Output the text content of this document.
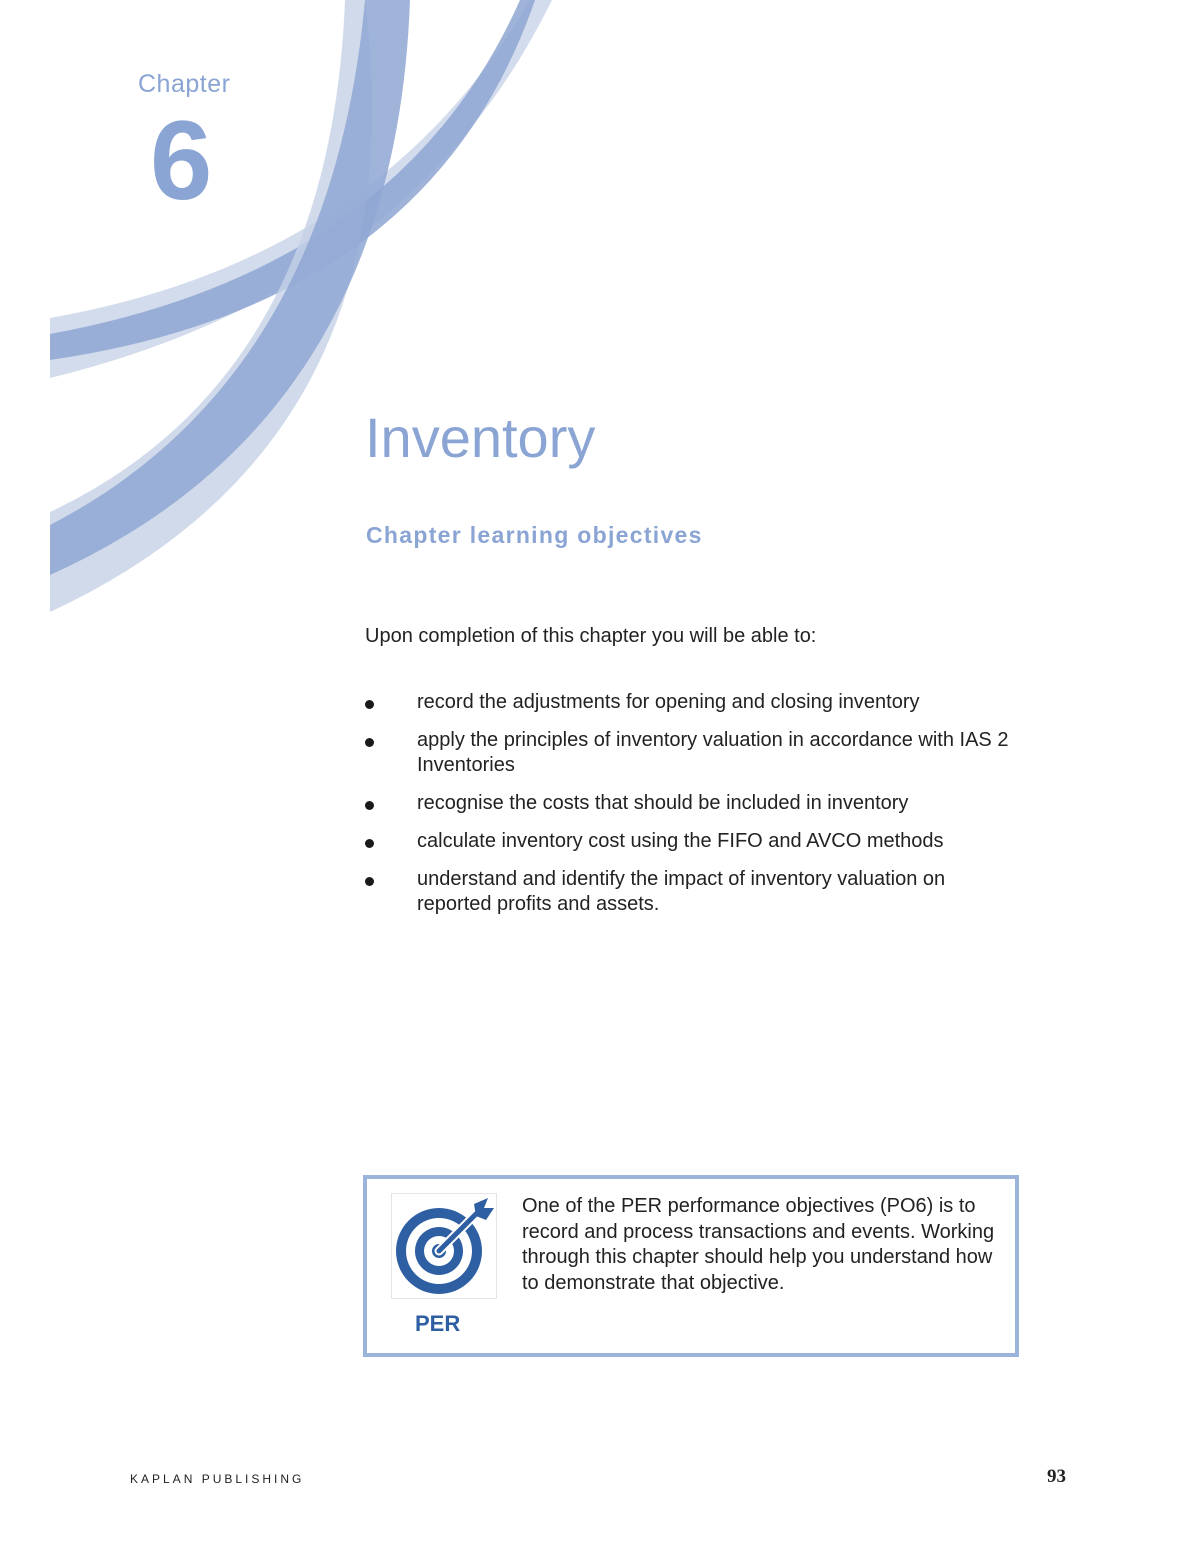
Chapter
6
Inventory
Chapter learning objectives

Upon completion of this chapter you will be able to:

record the adjustments for opening and closing inventory
apply the principles of inventory valuation in accordance with IAS 2 Inventories
recognise the costs that should be included in inventory
calculate inventory cost using the FIFO and AVCO methods
understand and identify the impact of inventory valuation on reported profits and assets.
PER

One of the PER performance objectives (PO6) is to record and process transactions and events. Working through this chapter should help you understand how to demonstrate that objective.

KAPLAN PUBLISHING	93
